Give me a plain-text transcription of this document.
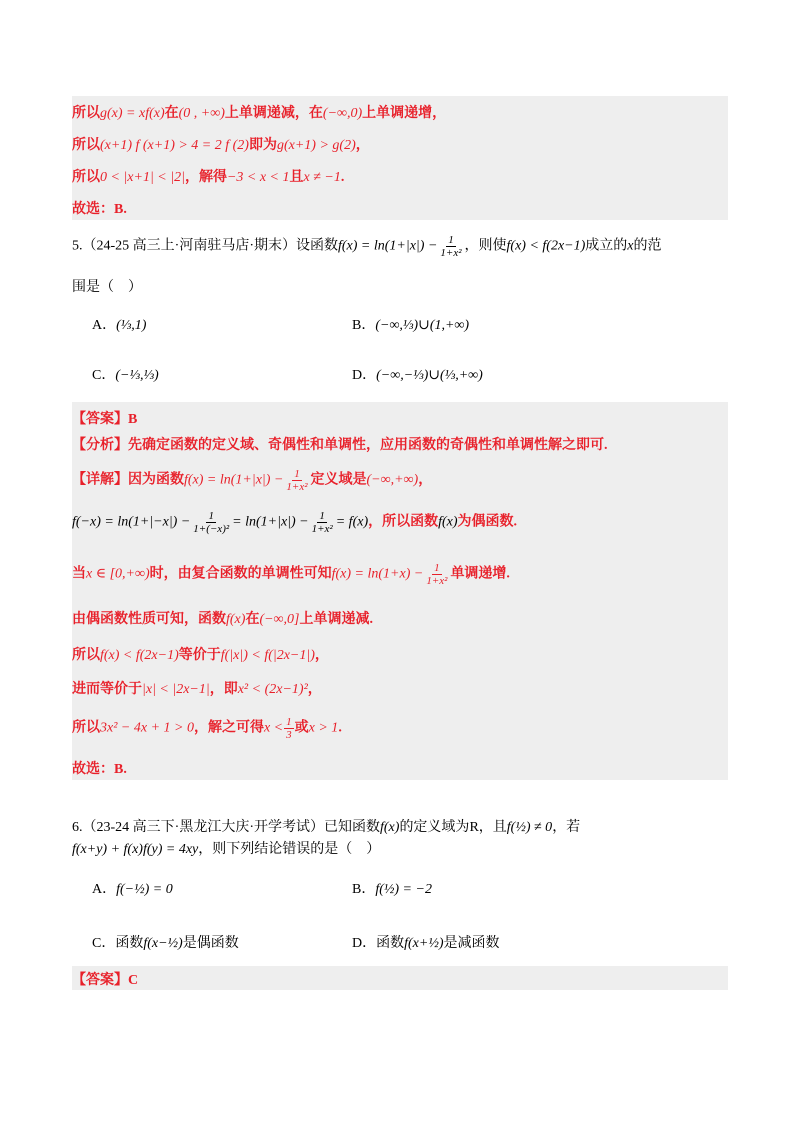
所以g(x) = xf(x)在(0 , +∞)上单调递减，在(−∞,0)上单调递增，
所以(x+1) f (x+1) > 4 = 2 f (2)即为g(x+1) > g(2)，
所以0 < |x+1| < |2|，解得−3 < x < 1且x ≠ −1.
故选：B.
5.（24-25 高三上·河南驻马店·期末）设函数$f(x) = \ln(1+|x|) - \frac{1}{\text{1+x²}}$ ，则使f(x) < f(2x−1)成立的x的范
围是（　）
A．(⅓,1)	B．(−∞,⅓)∪(1,+∞)
C．(−⅓,⅓)	D．(−∞,−⅓)∪(⅓,+∞)
【答案】B
【分析】先确定函数的定义域、奇偶性和单调性，应用函数的奇偶性和单调性解之即可.
【详解】因为函数$f(x) = \ln(1+|x|) - \frac{1}{\text{1+x²}}$ 定义域是(−∞,+∞)，
$f(-x) = \ln(1+|-x|) - \frac{1}{\text{1+(−x)²}} = \ln(1+|x|) - \frac{1}{\text{1+x²}} = f(x)$，所以函数f(x)为偶函数.
当x ∈ [0,+∞)时，由复合函数的单调性可知$f(x) = \ln(1+x) - \frac{1}{\text{1+x²}}$ 单调递增.
由偶函数性质可知，函数f(x)在(−∞,0]上单调递减.
所以f(x) < f(2x−1)等价于f(|x|) < f(|2x−1|)，
进而等价于|x| < |2x−1|，即x² < (2x−1)²，
所以3x² − 4x + 1 > 0，解之可得$x < \frac{1}{3}$ 或x > 1.
故选：B.
6.（23-24 高三下·黑龙江大庆·开学考试）已知函数f(x)的定义域为R，且f(½) ≠ 0，若
f(x+y) + f(x)f(y) = 4xy，则下列结论错误的是（　）
A．f(−½) = 0	B．f(½) = −2
C．函数f(x−½)是偶函数	D．函数f(x+½)是减函数
【答案】C
